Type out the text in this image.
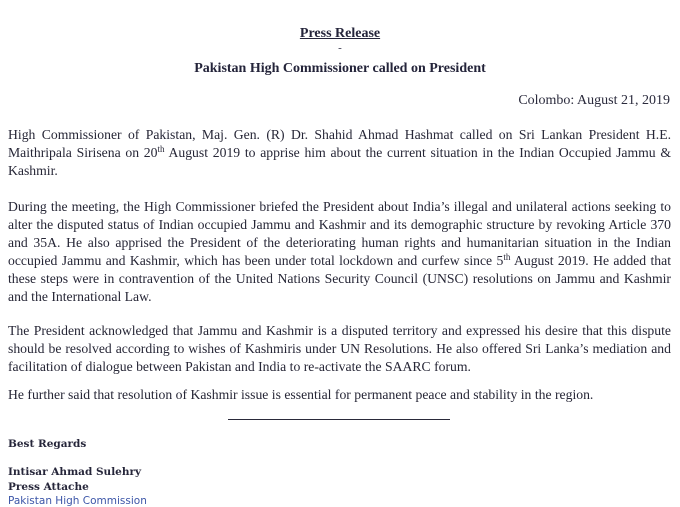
Press Release
-
Pakistan High Commissioner called on President
Colombo: August 21, 2019

High Commissioner of Pakistan, Maj. Gen. (R) Dr. Shahid Ahmad Hashmat called on Sri Lankan President H.E. Maithripala Sirisena on 20th August 2019 to apprise him about the current situation in the Indian Occupied Jammu & Kashmir.

During the meeting, the High Commissioner briefed the President about India’s illegal and unilateral actions seeking to alter the disputed status of Indian occupied Jammu and Kashmir and its demographic structure by revoking Article 370 and 35A. He also apprised the President of the deteriorating human rights and humanitarian situation in the Indian occupied Jammu and Kashmir, which has been under total lockdown and curfew since 5th August 2019. He added that these steps were in contravention of the United Nations Security Council (UNSC) resolutions on Jammu and Kashmir and the International Law.

The President acknowledged that Jammu and Kashmir is a disputed territory and expressed his desire that this dispute should be resolved according to wishes of Kashmiris under UN Resolutions. He also offered Sri Lanka’s mediation and facilitation of dialogue between Pakistan and India to re-activate the SAARC forum.

He further said that resolution of Kashmir issue is essential for permanent peace and stability in the region.

Best Regards
Intisar Ahmad Sulehry
Press Attache
Pakistan High Commission
